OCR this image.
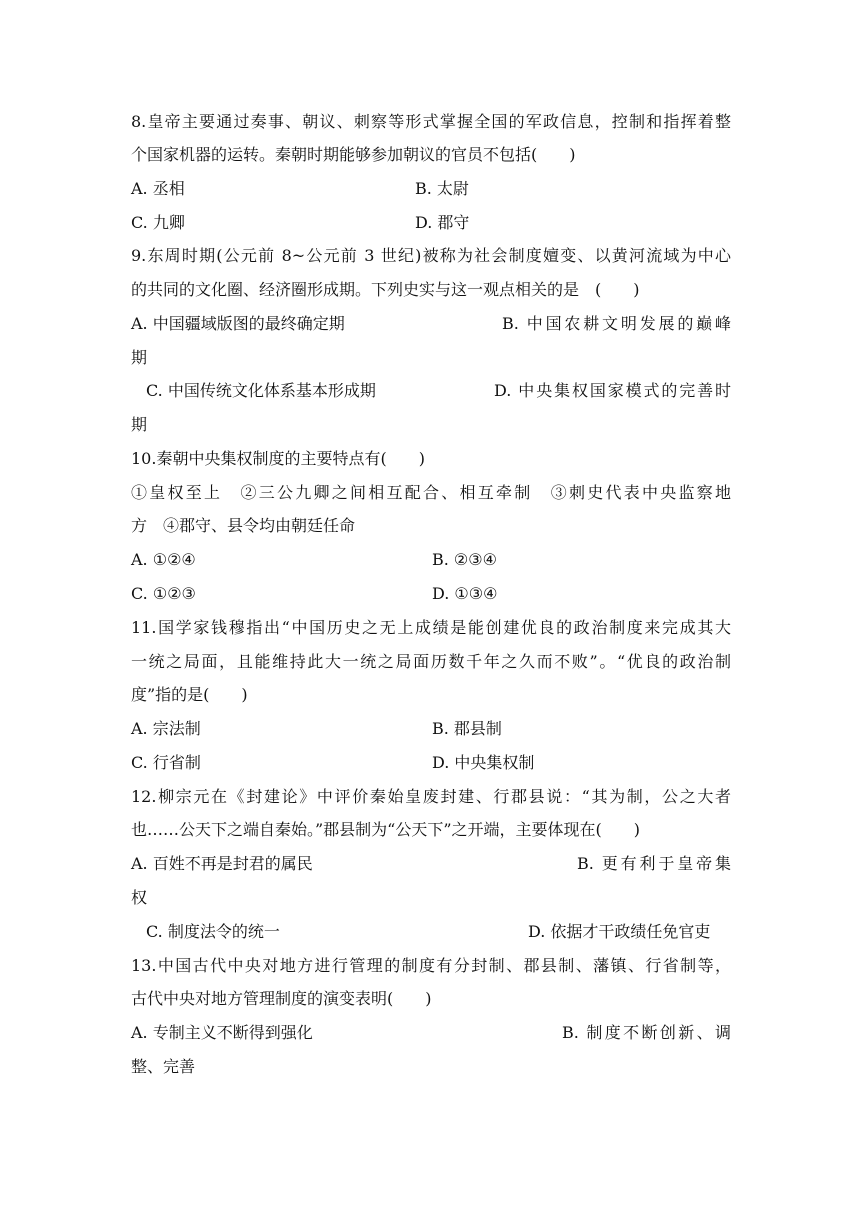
8.皇帝主要通过奏事、朝议、刺察等形式掌握全国的军政信息，控制和指挥着整
个国家机器的运转。秦朝时期能够参加朝议的官员不包括(　　)
A. 丞相	B. 太尉
C. 九卿	D. 郡守
9.东周时期(公元前 8~公元前 3 世纪)被称为社会制度嬗变、以黄河流域为中心
的共同的文化圈、经济圈形成期。下列史实与这一观点相关的是　(　　)
A. 中国疆域版图的最终确定期	B. 中国农耕文明发展的巅峰
期
C. 中国传统文化体系基本形成期	D. 中央集权国家模式的完善时
期
10.秦朝中央集权制度的主要特点有(　　)
①皇权至上　②三公九卿之间相互配合、相互牵制　③刺史代表中央监察地
方　④郡守、县令均由朝廷任命
A. ①②④	B. ②③④
C. ①②③	D. ①③④
11.国学家钱穆指出“中国历史之无上成绩是能创建优良的政治制度来完成其大
一统之局面，且能维持此大一统之局面历数千年之久而不败”。“优良的政治制
度”指的是(　　)
A. 宗法制	B. 郡县制
C. 行省制	D. 中央集权制
12.柳宗元在《封建论》中评价秦始皇废封建、行郡县说：“其为制，公之大者
也……公天下之端自秦始。”郡县制为“公天下”之开端，主要体现在(　　)
A. 百姓不再是封君的属民	B. 更有利于皇帝集
权
C. 制度法令的统一	D. 依据才干政绩任免官吏
13.中国古代中央对地方进行管理的制度有分封制、郡县制、藩镇、行省制等，
古代中央对地方管理制度的演变表明(　　)
A. 专制主义不断得到强化	B. 制度不断创新、调
整、完善
